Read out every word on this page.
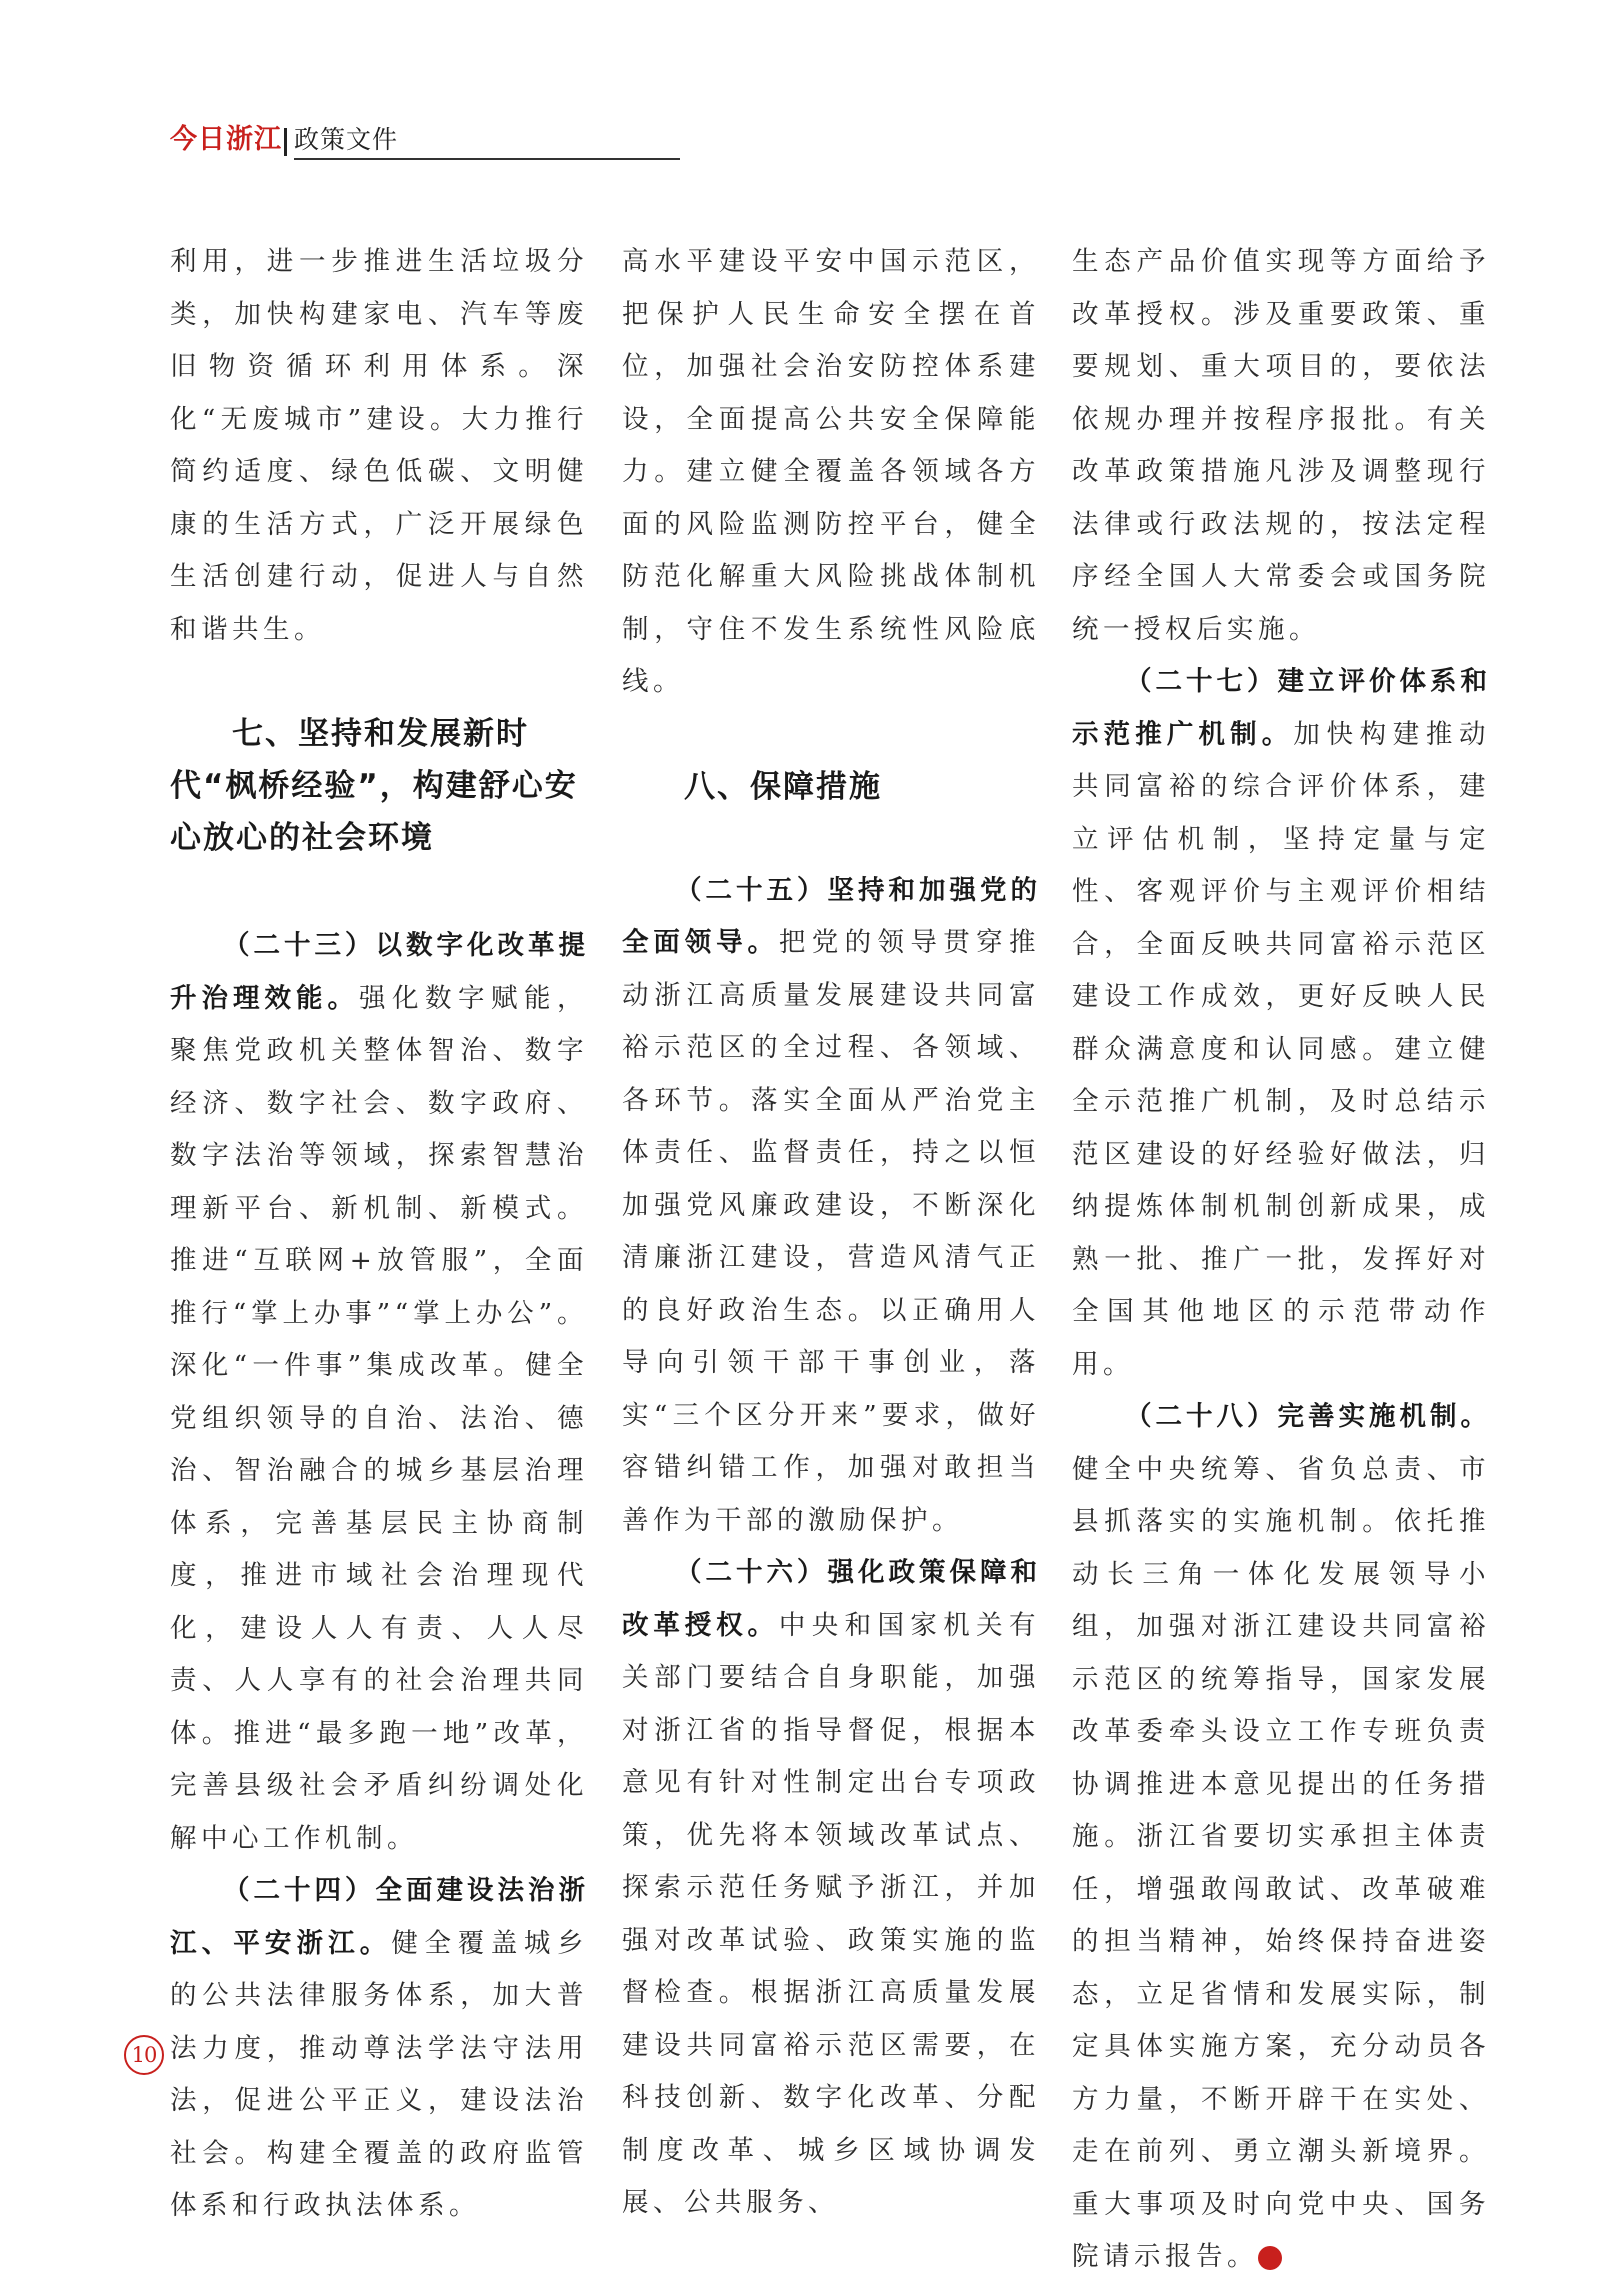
今日浙江 政策文件

利用，进一步推进生活垃圾分类，加快构建家电、汽车等废旧物资循环利用体系。深化“无废城市”建设。大力推行简约适度、绿色低碳、文明健康的生活方式，广泛开展绿色生活创建行动，促进人与自然和谐共生。

七、坚持和发展新时代“枫桥经验”，构建舒心安心放心的社会环境

（二十三）以数字化改革提升治理效能。强化数字赋能，聚焦党政机关整体智治、数字经济、数字社会、数字政府、数字法治等领域，探索智慧治理新平台、新机制、新模式。推进“互联网+放管服”，全面推行“掌上办事”“掌上办公”。深化“一件事”集成改革。健全党组织领导的自治、法治、德治、智治融合的城乡基层治理体系，完善基层民主协商制度，推进市域社会治理现代化，建设人人有责、人人尽责、人人享有的社会治理共同体。推进“最多跑一地”改革，完善县级社会矛盾纠纷调处化解中心工作机制。

（二十四）全面建设法治浙江、平安浙江。健全覆盖城乡的公共法律服务体系，加大普法力度，推动尊法学法守法用法，促进公平正义，建设法治社会。构建全覆盖的政府监管体系和行政执法体系。

高水平建设平安中国示范区，把保护人民生命安全摆在首位，加强社会治安防控体系建设，全面提高公共安全保障能力。建立健全覆盖各领域各方面的风险监测防控平台，健全防范化解重大风险挑战体制机制，守住不发生系统性风险底线。

八、保障措施

（二十五）坚持和加强党的全面领导。把党的领导贯穿推动浙江高质量发展建设共同富裕示范区的全过程、各领域、各环节。落实全面从严治党主体责任、监督责任，持之以恒加强党风廉政建设，不断深化清廉浙江建设，营造风清气正的良好政治生态。以正确用人导向引领干部干事创业，落实“三个区分开来”要求，做好容错纠错工作，加强对敢担当善作为干部的激励保护。

（二十六）强化政策保障和改革授权。中央和国家机关有关部门要结合自身职能，加强对浙江省的指导督促，根据本意见有针对性制定出台专项政策，优先将本领域改革试点、探索示范任务赋予浙江，并加强对改革试验、政策实施的监督检查。根据浙江高质量发展建设共同富裕示范区需要，在科技创新、数字化改革、分配制度改革、城乡区域协调发展、公共服务、

生态产品价值实现等方面给予改革授权。涉及重要政策、重要规划、重大项目的，要依法依规办理并按程序报批。有关改革政策措施凡涉及调整现行法律或行政法规的，按法定程序经全国人大常委会或国务院统一授权后实施。

（二十七）建立评价体系和示范推广机制。加快构建推动共同富裕的综合评价体系，建立评估机制，坚持定量与定性、客观评价与主观评价相结合，全面反映共同富裕示范区建设工作成效，更好反映人民群众满意度和认同感。建立健全示范推广机制，及时总结示范区建设的好经验好做法，归纳提炼体制机制创新成果，成熟一批、推广一批，发挥好对全国其他地区的示范带动作用。

（二十八）完善实施机制。健全中央统筹、省负总责、市县抓落实的实施机制。依托推动长三角一体化发展领导小组，加强对浙江建设共同富裕示范区的统筹指导，国家发展改革委牵头设立工作专班负责协调推进本意见提出的任务措施。浙江省要切实承担主体责任，增强敢闯敢试、改革破难的担当精神，始终保持奋进姿态，立足省情和发展实际，制定具体实施方案，充分动员各方力量，不断开辟干在实处、走在前列、勇立潮头新境界。重大事项及时向党中央、国务院请示报告。	今

10
